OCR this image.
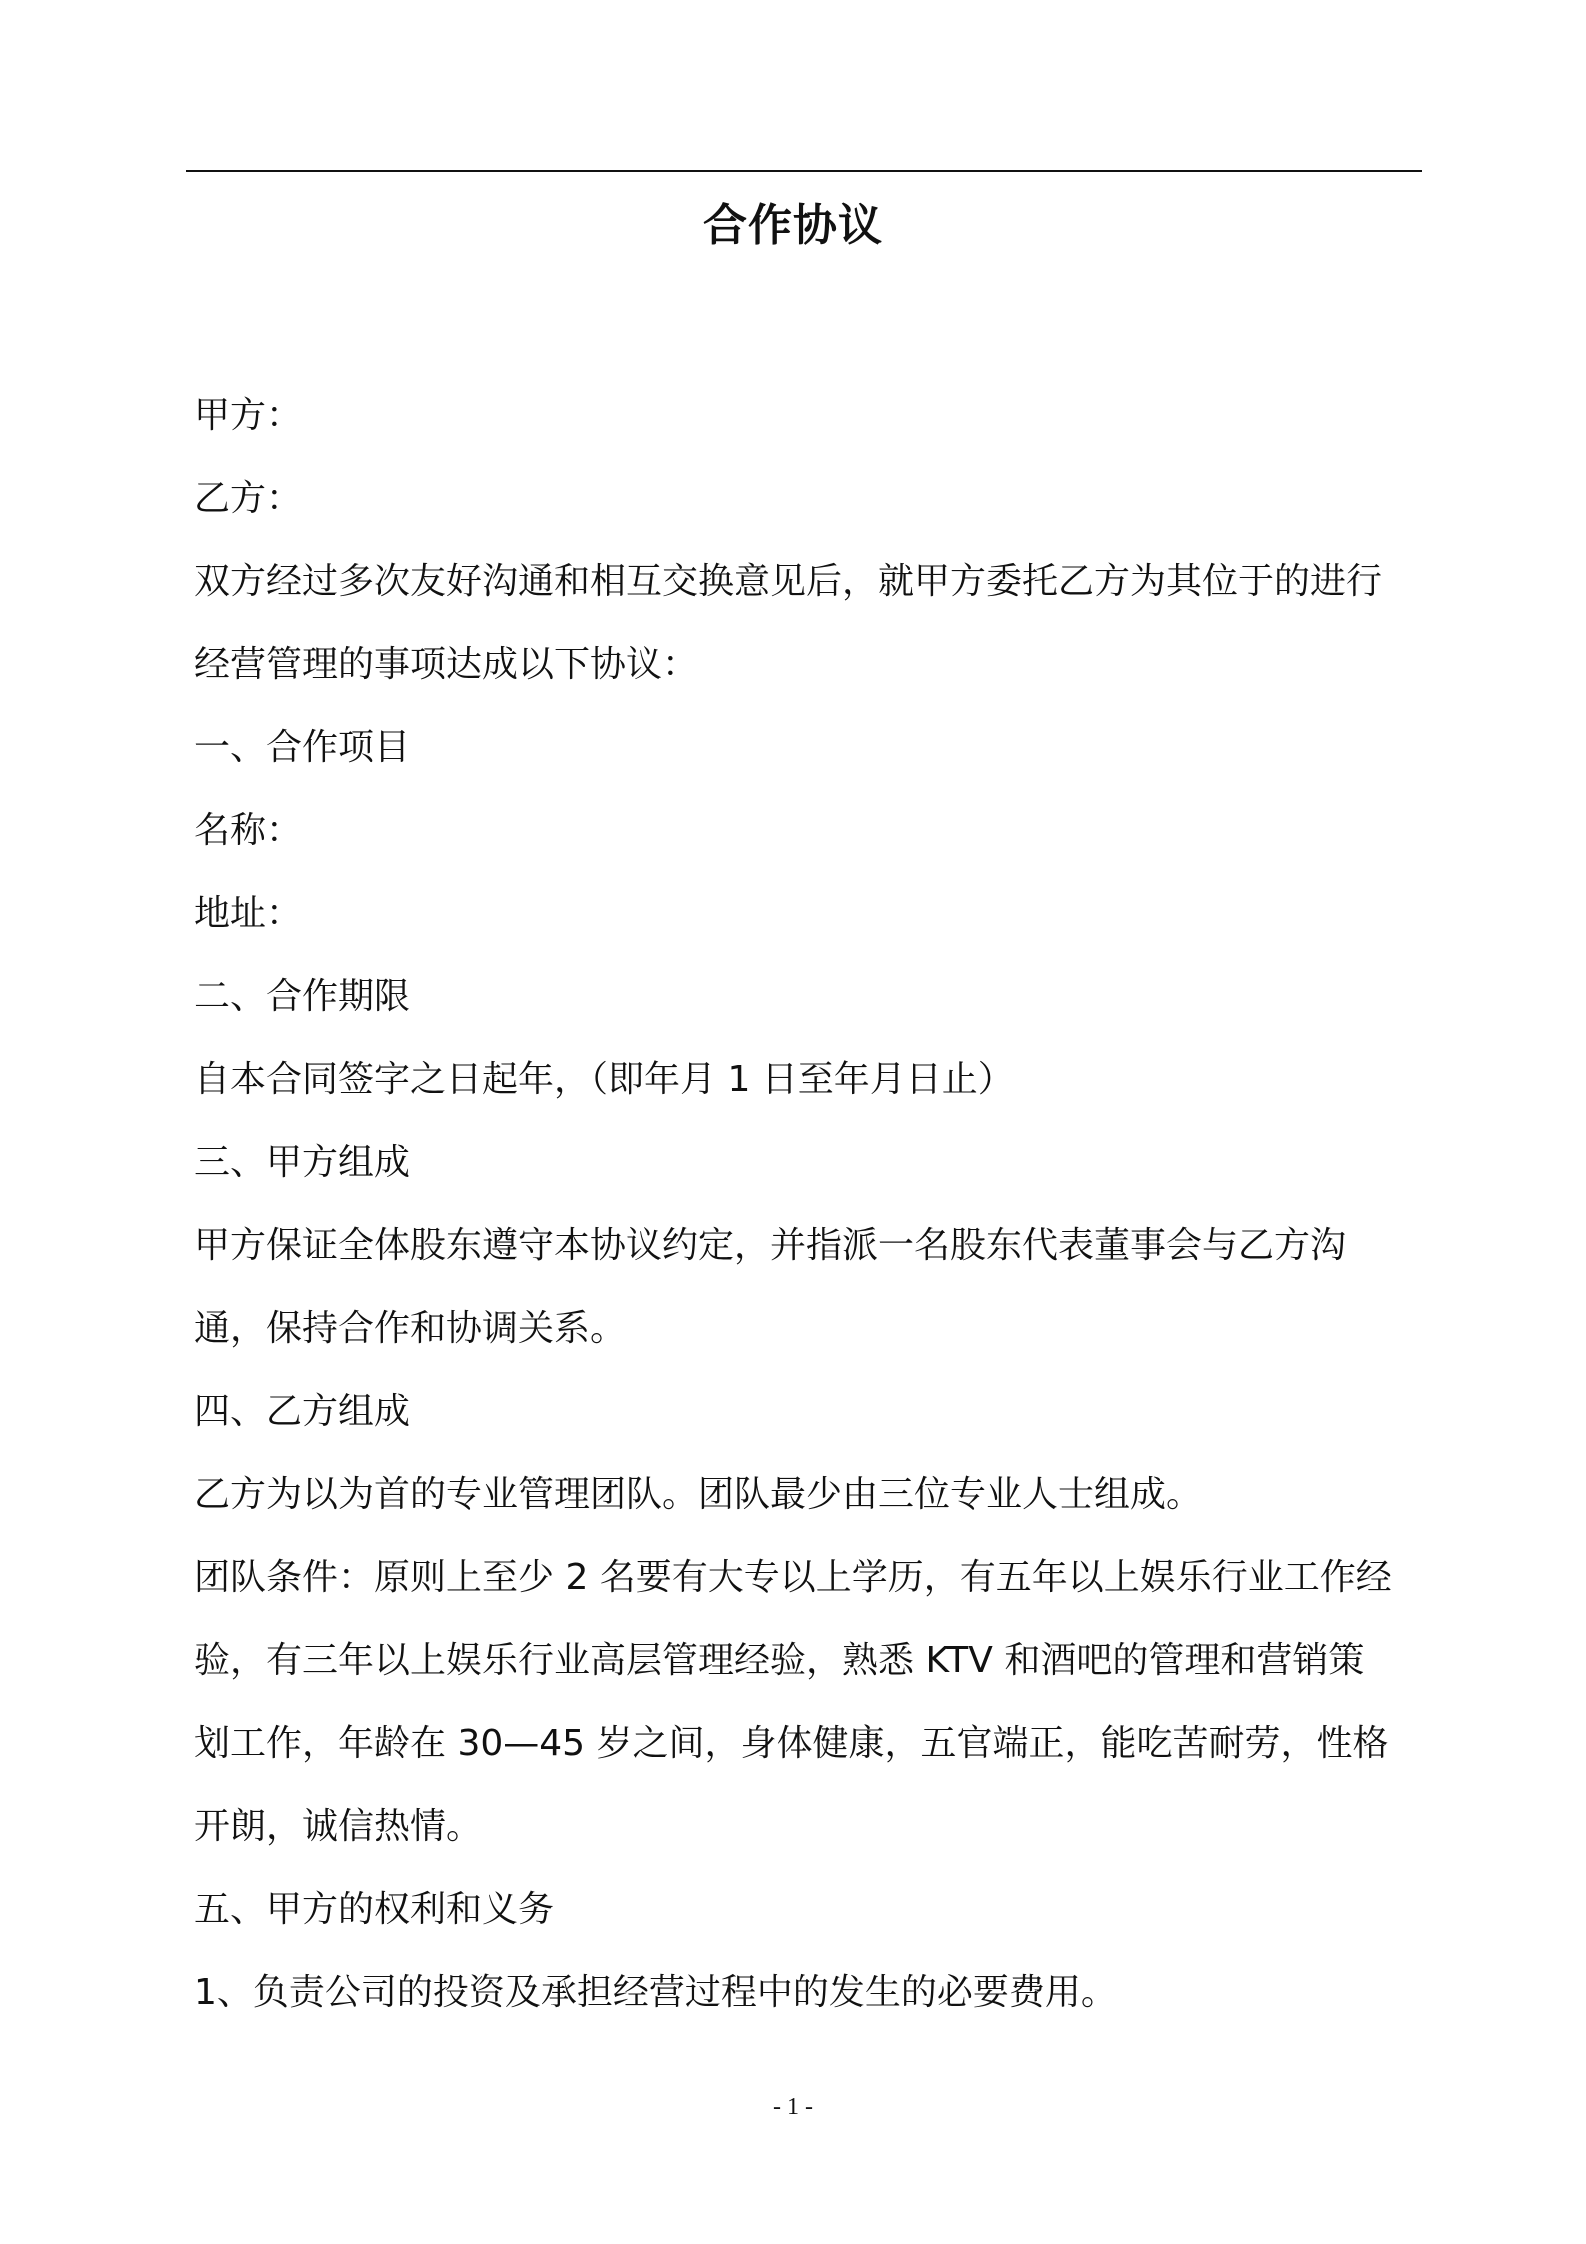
合作协议
甲方：
乙方：
双方经过多次友好沟通和相互交换意见后，就甲方委托乙方为其位于的进行
经营管理的事项达成以下协议：
一、合作项目
名称：
地址：
二、合作期限
自本合同签字之日起年，（即年月 1 日至年月日止）
三、甲方组成
甲方保证全体股东遵守本协议约定，并指派一名股东代表董事会与乙方沟
通，保持合作和协调关系。
四、乙方组成
乙方为以为首的专业管理团队。团队最少由三位专业人士组成。
团队条件：原则上至少 2 名要有大专以上学历，有五年以上娱乐行业工作经
验，有三年以上娱乐行业高层管理经验，熟悉 KTV 和酒吧的管理和营销策
划工作，年龄在 30—45 岁之间，身体健康，五官端正，能吃苦耐劳，性格
开朗，诚信热情。
五、甲方的权利和义务
1、负责公司的投资及承担经营过程中的发生的必要费用。
- 1 -
